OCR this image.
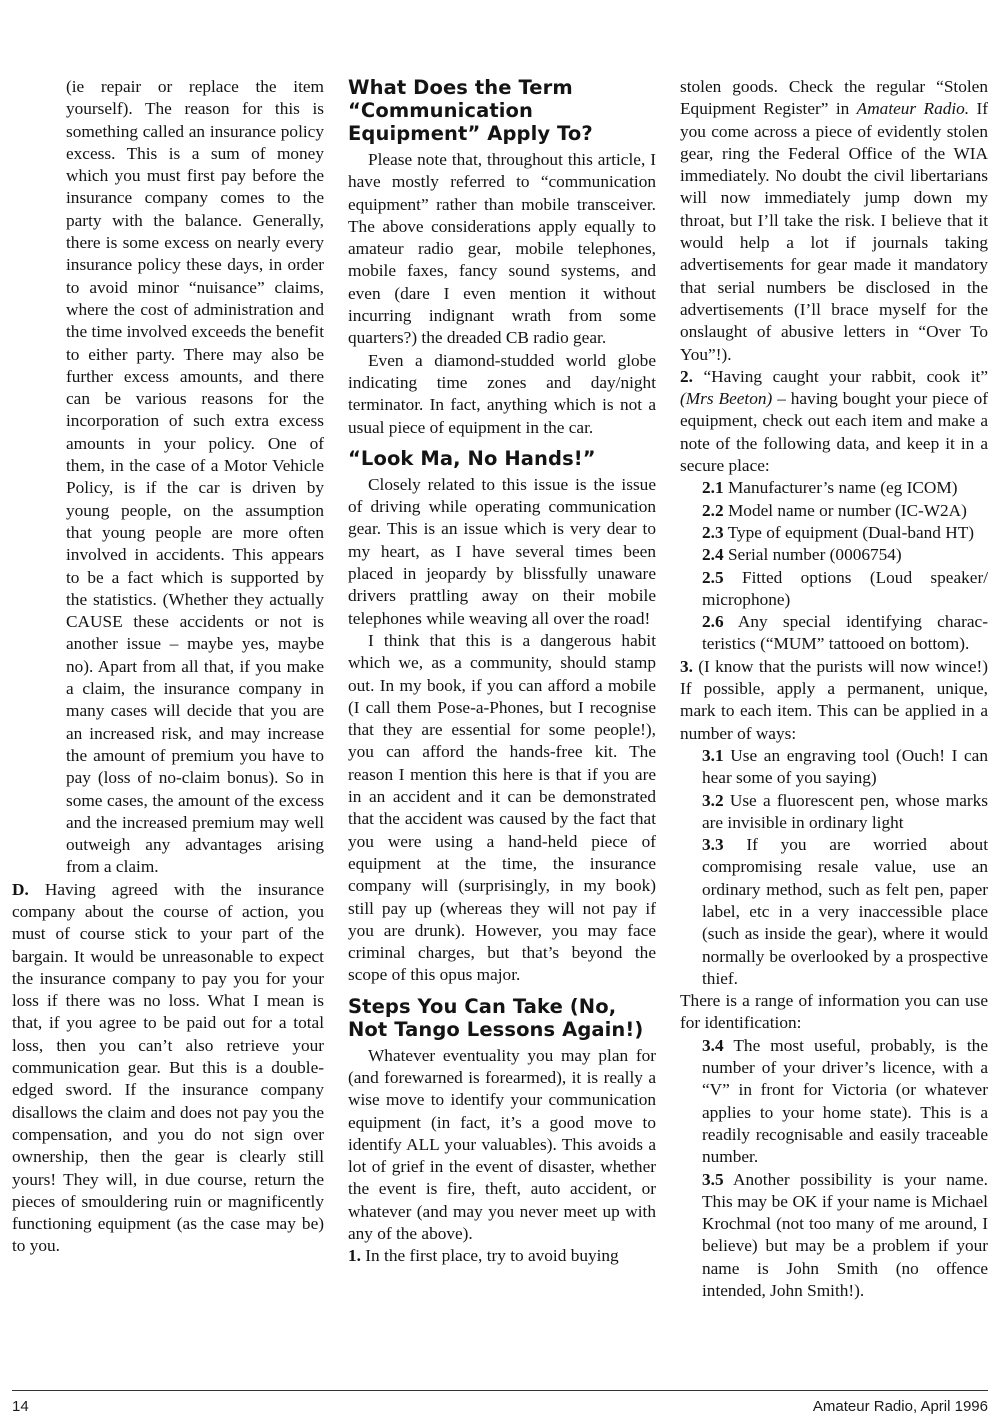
(ie repair or replace the item yourself). The reason for this is something called an insurance policy excess. This is a sum of money which you must first pay before the insurance company comes to the party with the balance. Generally, there is some excess on nearly every insurance policy these days, in order to avoid minor “nuisance” claims, where the cost of administration and the time involved exceeds the benefit to either party. There may also be further excess amounts, and there can be various reasons for the incorporation of such extra excess amounts in your policy. One of them, in the case of a Motor Vehicle Policy, is if the car is driven by young people, on the assumption that young people are more often involved in accidents. This appears to be a fact which is supported by the statistics. (Whether they actually CAUSE these accidents or not is another issue – maybe yes, maybe no). Apart from all that, if you make a claim, the insurance company in many cases will decide that you are an increased risk, and may increase the amount of premium you have to pay (loss of no-claim bonus). So in some cases, the amount of the excess and the increased premium may well outweigh any advantages arising from a claim.

D. Having agreed with the insurance company about the course of action, you must of course stick to your part of the bargain. It would be unreasonable to expect the insurance company to pay you for your loss if there was no loss. What I mean is that, if you agree to be paid out for a total loss, then you can’t also retrieve your communication gear. But this is a double- edged sword. If the insurance company disallows the claim and does not pay you the compensation, and you do not sign over ownership, then the gear is clearly still yours! They will, in due course, return the pieces of smouldering ruin or magnificently functioning equipment (as the case may be) to you.

What Does the Term “Communication Equipment” Apply To?

Please note that, throughout this article, I have mostly referred to “communication equipment” rather than mobile transceiver. The above considerations apply equally to amateur radio gear, mobile telephones, mobile faxes, fancy sound systems, and even (dare I even mention it without incurring indignant wrath from some quarters?) the dreaded CB radio gear.

Even a diamond-studded world globe indicating time zones and day/night terminator. In fact, anything which is not a usual piece of equipment in the car.

“Look Ma, No Hands!”

Closely related to this issue is the issue of driving while operating communication gear. This is an issue which is very dear to my heart, as I have several times been placed in jeopardy by blissfully unaware drivers prattling away on their mobile telephones while weaving all over the road!

I think that this is a dangerous habit which we, as a community, should stamp out. In my book, if you can afford a mobile (I call them Pose-a-Phones, but I recognise that they are essential for some people!), you can afford the hands-free kit. The reason I mention this here is that if you are in an accident and it can be demonstrated that the accident was caused by the fact that you were using a hand-held piece of equipment at the time, the insurance company will (surprisingly, in my book) still pay up (whereas they will not pay if you are drunk). However, you may face criminal charges, but that’s beyond the scope of this opus major.

Steps You Can Take (No, Not Tango Lessons Again!)

Whatever eventuality you may plan for (and forewarned is forearmed), it is really a wise move to identify your communication equipment (in fact, it’s a good move to identify ALL your valuables). This avoids a lot of grief in the event of disaster, whether the event is fire, theft, auto accident, or whatever (and may you never meet up with any of the above).

1. In the first place, try to avoid buying

stolen goods. Check the regular “Stolen Equipment Register” in Amateur Radio. If you come across a piece of evidently stolen gear, ring the Federal Office of the WIA immediately. No doubt the civil libertarians will now immediately jump down my throat, but I’ll take the risk. I believe that it would help a lot if journals taking advertisements for gear made it mandatory that serial numbers be disclosed in the advertisements (I’ll brace myself for the onslaught of abusive letters in “Over To You”!).

2. “Having caught your rabbit, cook it” (Mrs Beeton) – having bought your piece of equipment, check out each item and make a note of the following data, and keep it in a secure place:

2.1 Manufacturer’s name (eg ICOM)

2.2 Model name or number (IC-W2A)

2.3 Type of equipment (Dual-band HT)

2.4 Serial number (0006754)

2.5 Fitted options (Loud speaker/ microphone)

2.6 Any special identifying charac-teristics (“MUM” tattooed on bottom).

3. (I know that the purists will now wince!) If possible, apply a permanent, unique, mark to each item. This can be applied in a number of ways:

3.1 Use an engraving tool (Ouch! I can hear some of you saying)

3.2 Use a fluorescent pen, whose marks are invisible in ordinary light

3.3 If you are worried about compromising resale value, use an ordinary method, such as felt pen, paper label, etc in a very inaccessible place (such as inside the gear), where it would normally be overlooked by a prospective thief.

There is a range of information you can use for identification:

3.4 The most useful, probably, is the number of your driver’s licence, with a “V” in front for Victoria (or whatever applies to your home state). This is a readily recognisable and easily traceable number.

3.5 Another possibility is your name. This may be OK if your name is Michael Krochmal (not too many of me around, I believe) but may be a problem if your name is John Smith (no offence intended, John Smith!).

14	Amateur Radio, April 1996
